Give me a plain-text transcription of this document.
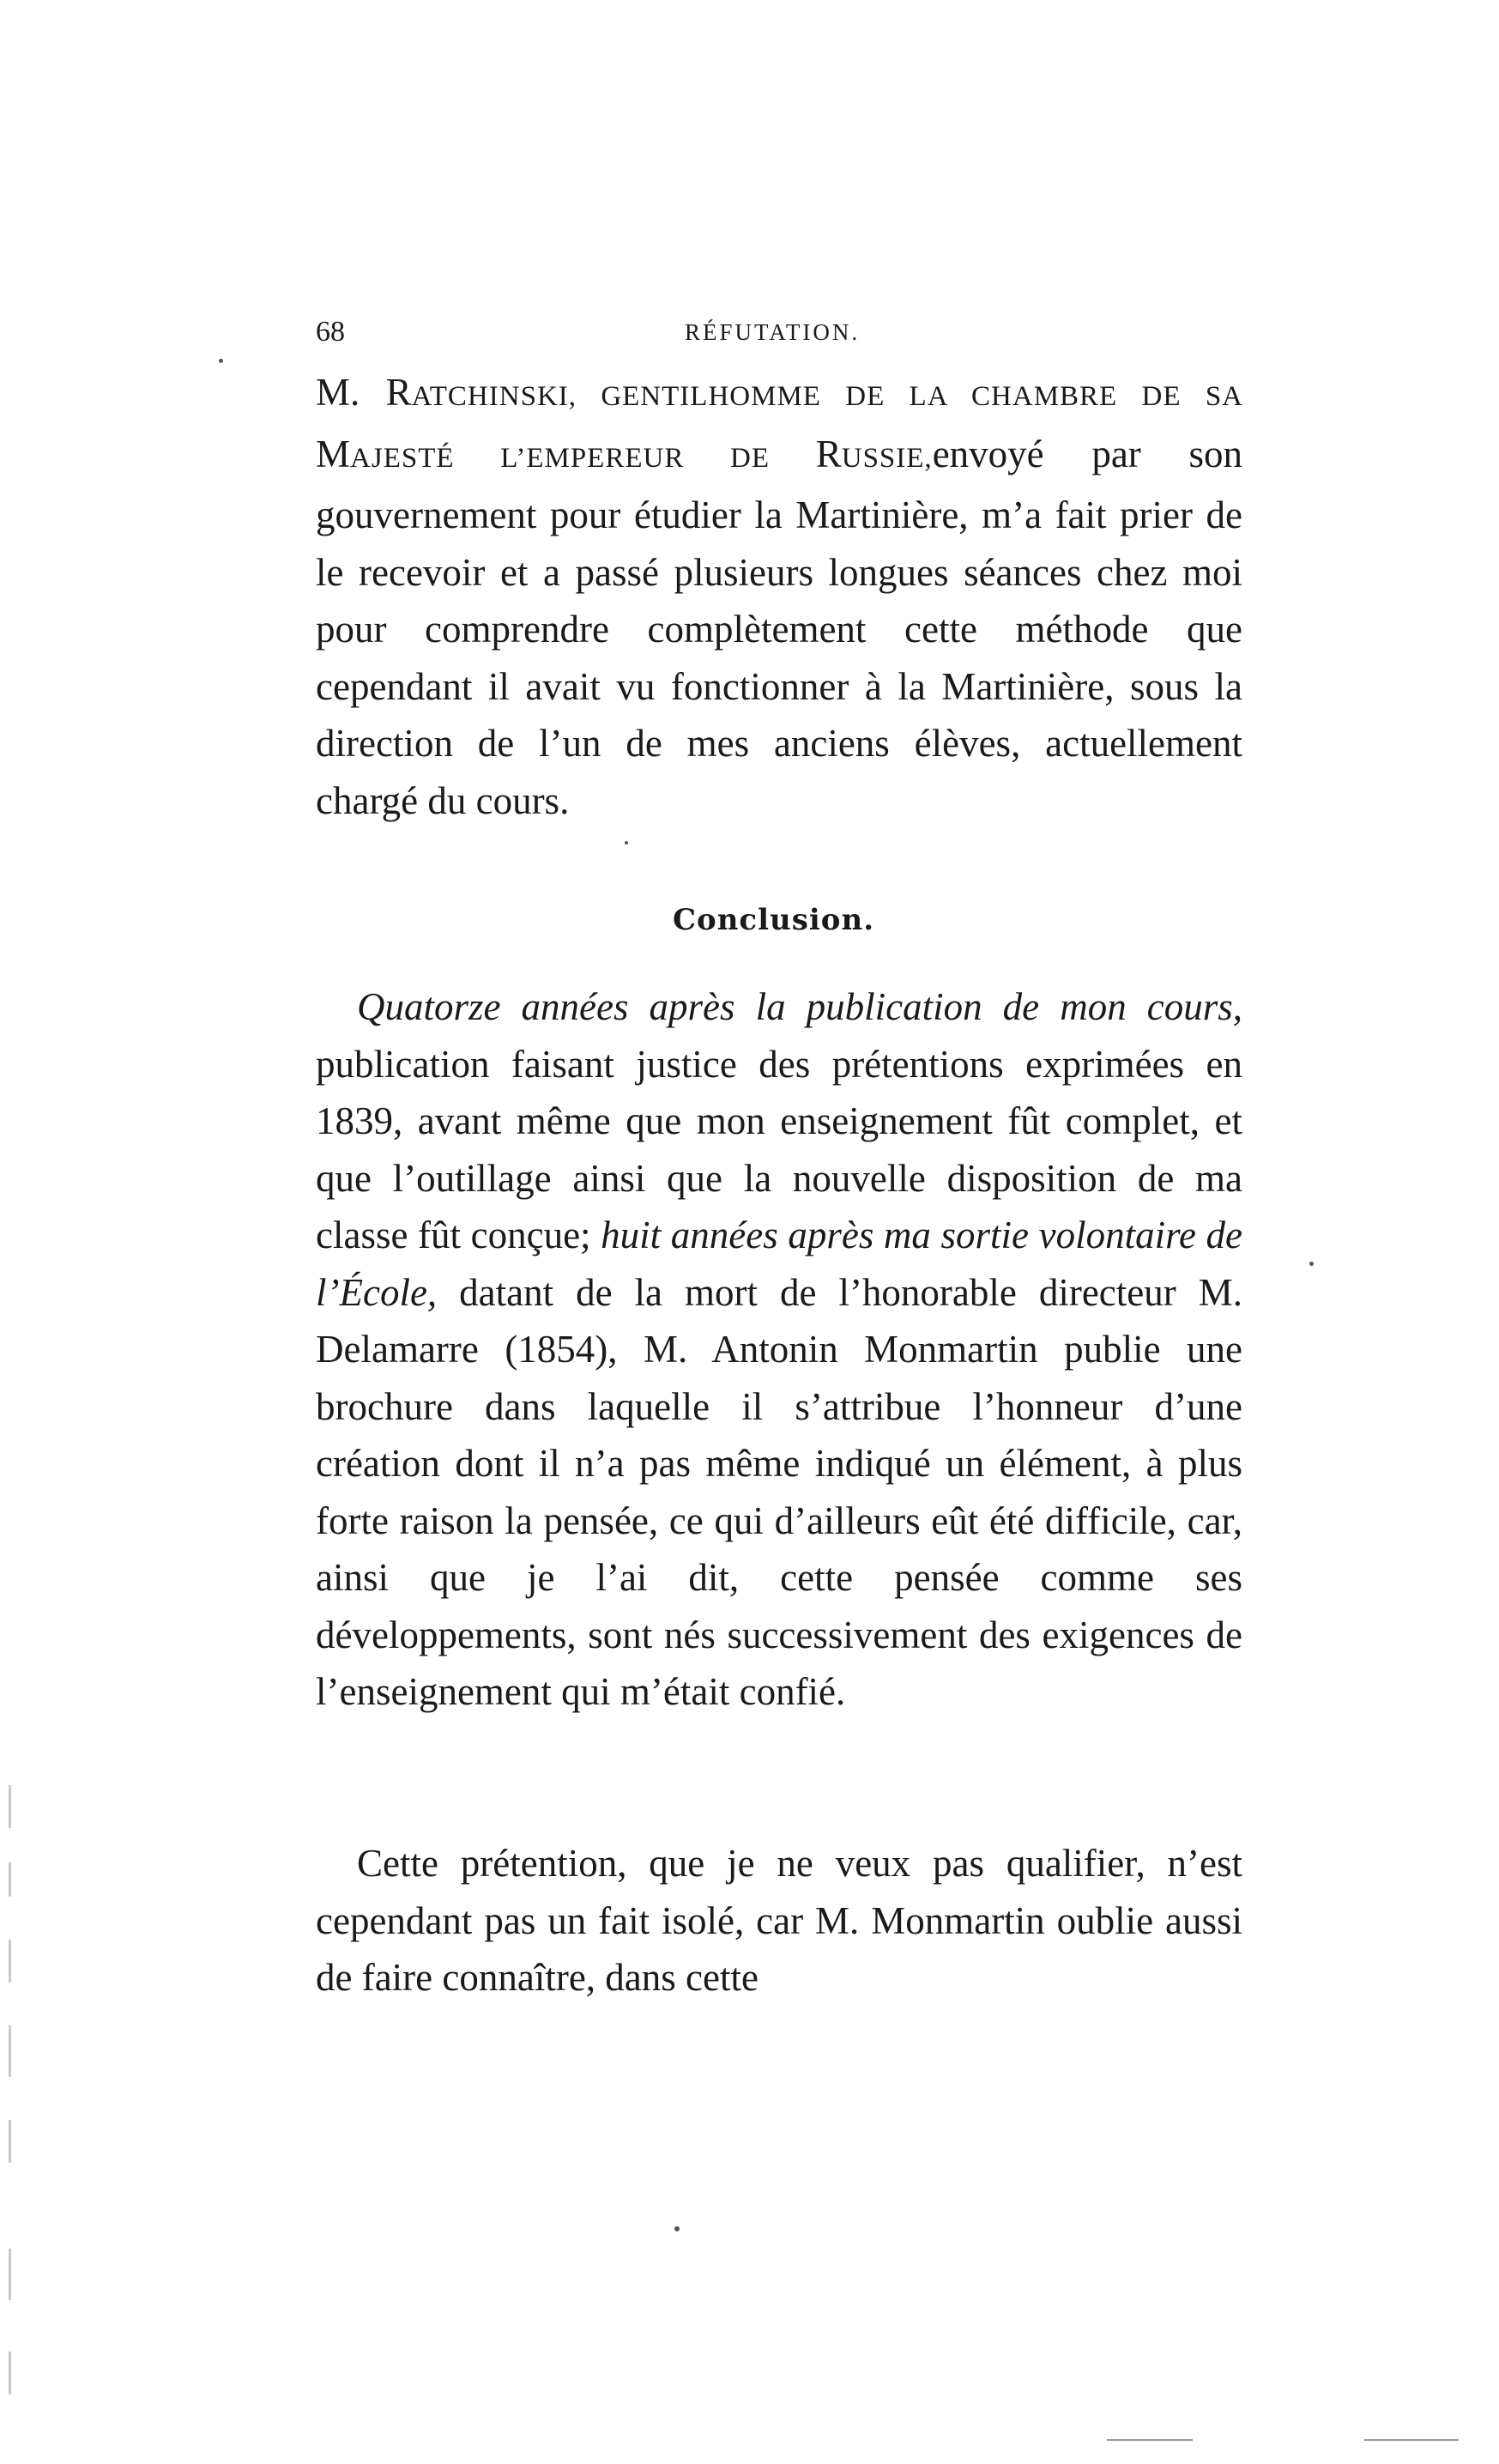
68	RÉFUTATION.
M. RATCHINSKI, GENTILHOMME DE LA CHAMBRE DE SA MAJESTÉ L’EMPEREUR DE RUSSIE,envoyé par son gouvernement pour étudier la Martinière, m’a fait prier de le recevoir et a passé plusieurs longues séances chez moi pour comprendre complètement cette méthode que cependant il avait vu fonctionner à la Martinière, sous la direction de l’un de mes anciens élèves, actuellement chargé du cours.
Conclusion.
Quatorze années après la publication de mon cours, publication faisant justice des prétentions exprimées en 1839, avant même que mon enseignement fût complet, et que l’outillage ainsi que la nouvelle disposition de ma classe fût conçue; huit années après ma sortie volontaire de l’École, datant de la mort de l’honorable directeur M. Delamarre (1854), M. Antonin Monmartin publie une brochure dans laquelle il s’attribue l’honneur d’une création dont il n’a pas même indiqué un élément, à plus forte raison la pensée, ce qui d’ailleurs eût été difficile, car, ainsi que je l’ai dit, cette pensée comme ses développements, sont nés successivement des exigences de l’enseignement qui m’était confié.
Cette prétention, que je ne veux pas qualifier, n’est cependant pas un fait isolé, car M. Monmartin oublie aussi de faire connaître, dans cette
